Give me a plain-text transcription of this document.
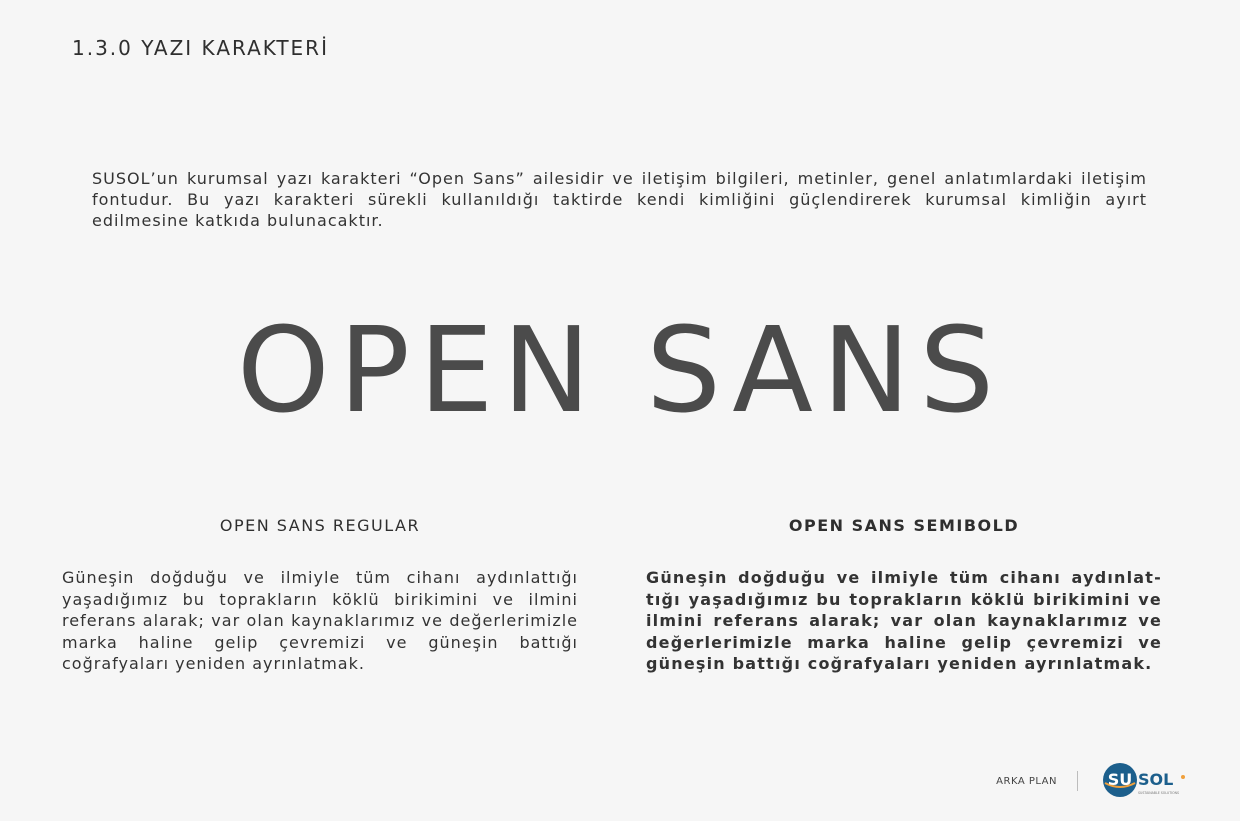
1.3.0 YAZI KARAKTERİ

SUSOL’un kurumsal yazı karakteri “Open Sans” ailesidir ve iletişim bilgileri, metinler, genel anlatımlardaki iletişim fontudur. Bu yazı karakteri sürekli kullanıldığı taktirde kendi kimliğini güçlendirerek kurumsal kimliğin ayırt edilmesine katkıda bulunacaktır.

OPEN SANS
OPEN SANS REGULAR

Güneşin doğduğu ve ilmiyle tüm cihanı aydınlattığı yaşadığımız bu toprakların köklü birikimini ve ilmini referans alarak; var olan kaynaklarımız ve değerlerimizle marka haline gelip çevremizi ve güneşin battığı coğrafyaları yeniden ayrınlatmak.

OPEN SANS SEMIBOLD

Güneşin doğduğu ve ilmiyle tüm cihanı aydınlat-tığı yaşadığımız bu toprakların köklü birikimini ve ilmini referans alarak; var olan kaynaklarımız ve değerlerimizle marka haline gelip çevremizi ve güneşin battığı coğrafyaları yeniden ayrınlatmak.

ARKA PLAN	SU SOL
SUSTAINABLE SOLUTIONS
